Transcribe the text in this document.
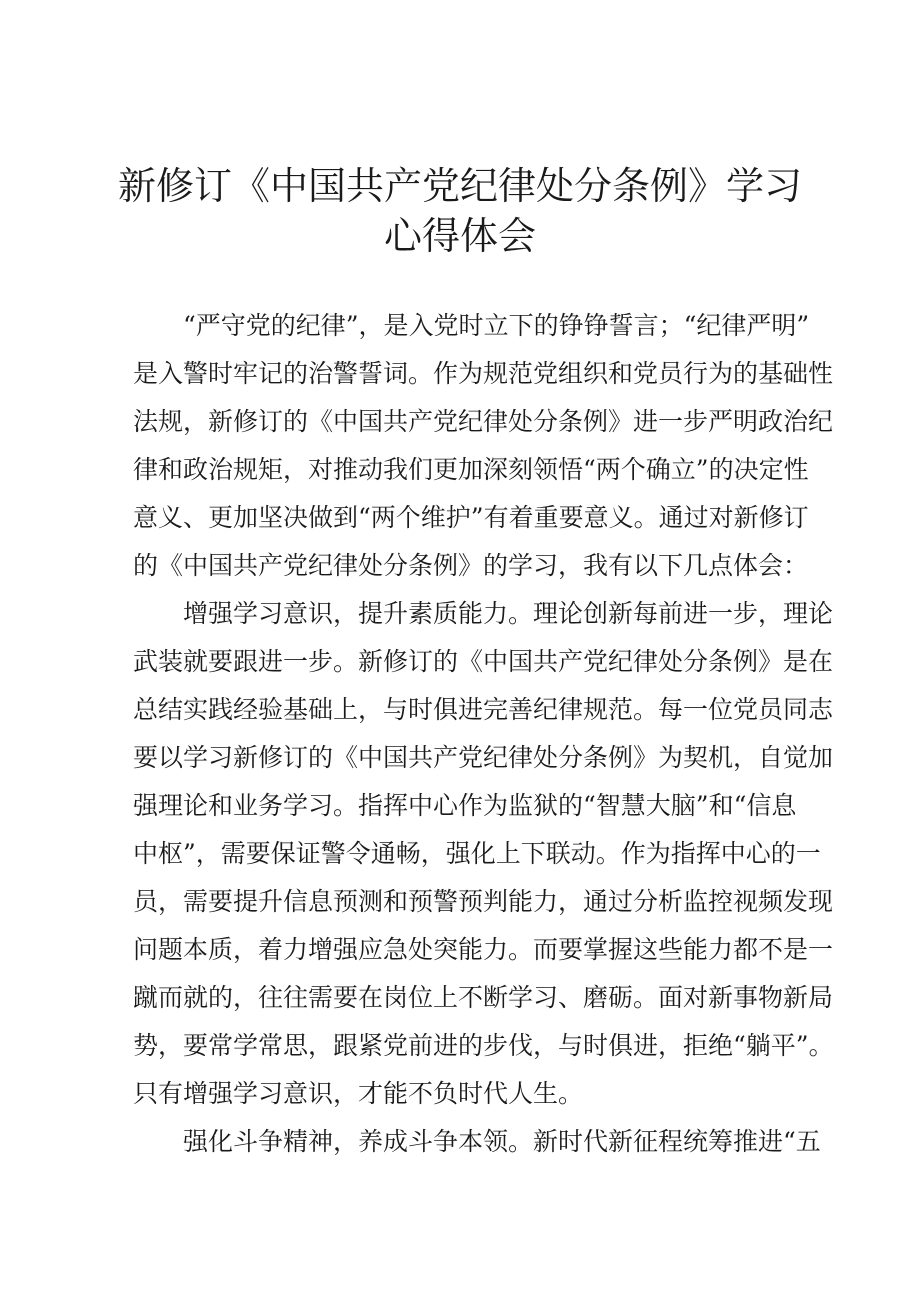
新修订《中国共产党纪律处分条例》学习
心得体会
“严守党的纪律”，是入党时立下的铮铮誓言；“纪律严明”
是入警时牢记的治警誓词。作为规范党组织和党员行为的基础性
法规，新修订的《中国共产党纪律处分条例》进一步严明政治纪
律和政治规矩，对推动我们更加深刻领悟“两个确立”的决定性
意义、更加坚决做到“两个维护”有着重要意义。通过对新修订
的《中国共产党纪律处分条例》的学习，我有以下几点体会：
增强学习意识，提升素质能力。理论创新每前进一步，理论
武装就要跟进一步。新修订的《中国共产党纪律处分条例》是在
总结实践经验基础上，与时俱进完善纪律规范。每一位党员同志
要以学习新修订的《中国共产党纪律处分条例》为契机，自觉加
强理论和业务学习。指挥中心作为监狱的“智慧大脑”和“信息
中枢”，需要保证警令通畅，强化上下联动。作为指挥中心的一
员，需要提升信息预测和预警预判能力，通过分析监控视频发现
问题本质，着力增强应急处突能力。而要掌握这些能力都不是一
蹴而就的，往往需要在岗位上不断学习、磨砺。面对新事物新局
势，要常学常思，跟紧党前进的步伐，与时俱进，拒绝“躺平”。
只有增强学习意识，才能不负时代人生。
强化斗争精神，养成斗争本领。新时代新征程统筹推进“五
